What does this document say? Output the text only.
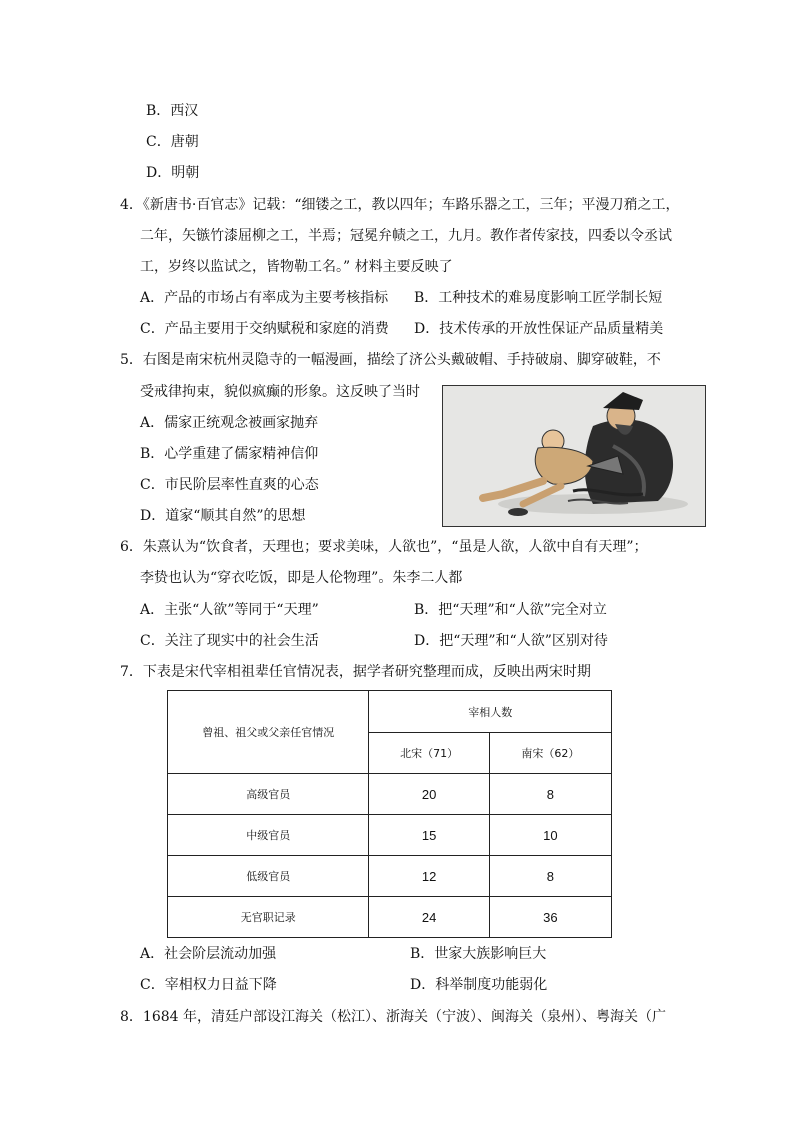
B．西汉
C．唐朝
D．明朝
4．《新唐书·百官志》记载：“细镂之工，教以四年；车路乐器之工，三年；平漫刀矟之工，
二年，矢镞竹漆屈柳之工，半焉；冠冕弁帻之工，九月。教作者传家技，四委以令丞试
工，岁终以监试之，皆物勒工名。” 材料主要反映了
A．产品的市场占有率成为主要考核指标 B．工种技术的难易度影响工匠学制长短
C．产品主要用于交纳赋税和家庭的消费 D．技术传承的开放性保证产品质量精美
5．右图是南宋杭州灵隐寺的一幅漫画，描绘了济公头戴破帽、手持破扇、脚穿破鞋，不
受戒律拘束，貌似疯癫的形象。这反映了当时
A．儒家正统观念被画家抛弃
B．心学重建了儒家精神信仰
C．市民阶层率性直爽的心态
D．道家“顺其自然”的思想
6．朱熹认为“饮食者，天理也；要求美味，人欲也”，“虽是人欲，人欲中自有天理”；
李贽也认为“穿衣吃饭，即是人伦物理”。朱李二人都
A．主张“人欲”等同于“天理”	B．把“天理”和“人欲”完全对立
C．关注了现实中的社会生活	D．把“天理”和“人欲”区别对待
7．下表是宋代宰相祖辈任官情况表，据学者研究整理而成，反映出两宋时期
曾祖、祖父或父亲任官情况	宰相人数	
	北宋（71）	南宋（62）
高级官员	20	8
中级官员	15	10
低级官员	12	8
无官职记录	24	36
A．社会阶层流动加强	B．世家大族影响巨大
C．宰相权力日益下降	D．科举制度功能弱化
8．1684 年，清廷户部设江海关（松江）、浙海关（宁波）、闽海关（泉州）、粤海关（广
